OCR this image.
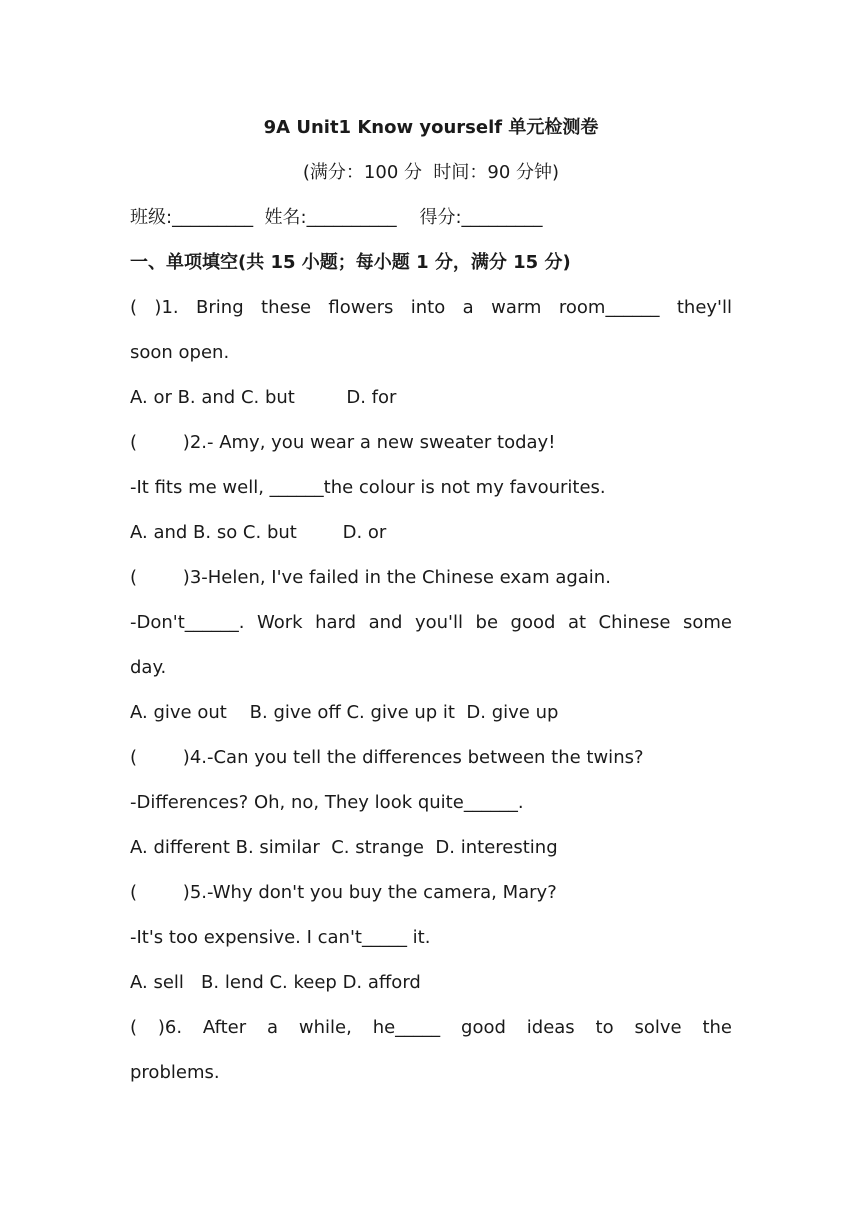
9A Unit1 Know yourself 单元检测卷
(满分：100 分  时间：90 分钟)
班级:_________  姓名:__________    得分:_________
一、单项填空(共 15 小题；每小题 1 分，满分 15 分)
( )1. Bring these flowers into a warm room______ they'll
soon open.
A. or B. and C. but         D. for
(        )2.- Amy, you wear a new sweater today!
-It fits me well, ______the colour is not my favourites.
A. and B. so C. but        D. or
(        )3-Helen, I've failed in the Chinese exam again.
-Don't______. Work hard and you'll be good at Chinese some
day.
A. give out    B. give off C. give up it  D. give up
(        )4.-Can you tell the differences between the twins?
-Differences? Oh, no, They look quite______.
A. different B. similar  C. strange  D. interesting
(        )5.-Why don't you buy the camera, Mary?
-It's too expensive. I can't_____ it.
A. sell   B. lend C. keep D. afford
( )6. After a while, he_____ good ideas to solve the
problems.
